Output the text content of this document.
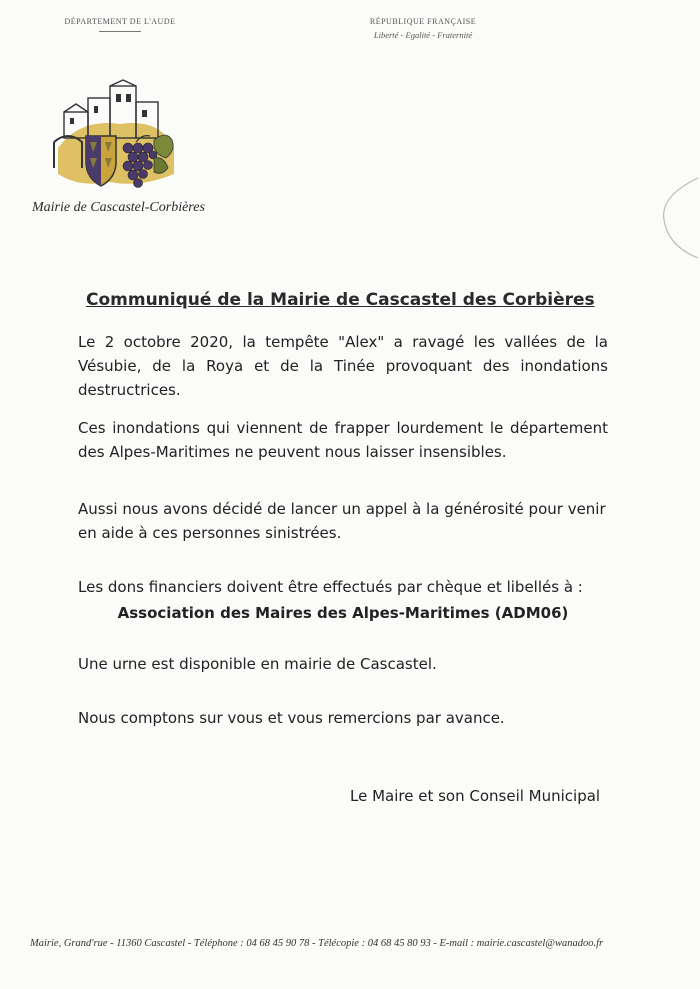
DÉPARTEMENT DE L'AUDE	RÉPUBLIQUE FRANÇAISE
Liberté - Egalité - Fraternité
Mairie de Cascastel-Corbières
Communiqué de la Mairie de Cascastel des Corbières
Le 2 octobre 2020, la tempête "Alex" a ravagé les vallées de la Vésubie, de la Roya et de la Tinée provoquant des inondations destructrices.
Ces inondations qui viennent de frapper lourdement le département des Alpes-Maritimes ne peuvent nous laisser insensibles.
Aussi nous avons décidé de lancer un appel à la générosité pour venir en aide à ces personnes sinistrées.
Les dons financiers doivent être effectués par chèque et libellés à :
Association des Maires des Alpes-Maritimes (ADM06)
Une urne est disponible en mairie de Cascastel.
Nous comptons sur vous et vous remercions par avance.
Le Maire et son Conseil Municipal
Mairie, Grand'rue - 11360 Cascastel - Téléphone : 04 68 45 90 78 - Télécopie : 04 68 45 80 93 - E-mail : mairie.cascastel@wanadoo.fr
